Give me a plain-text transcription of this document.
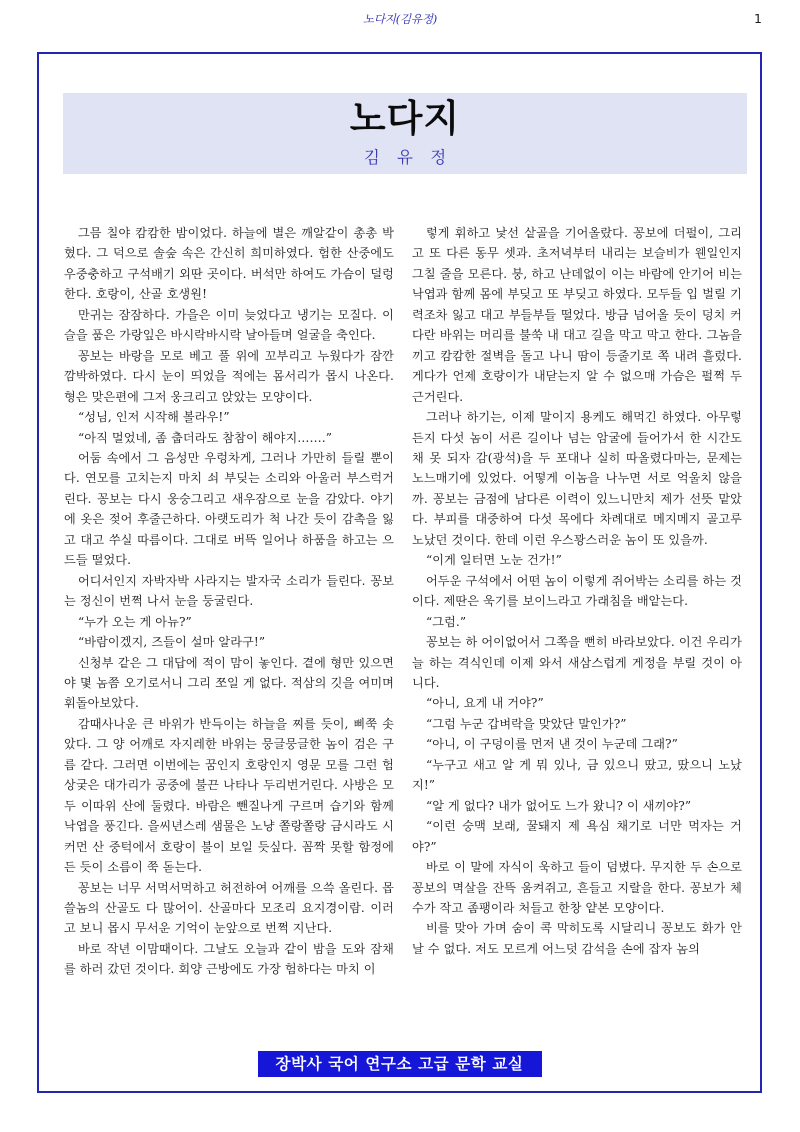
노다지(김유정)	1
노다지
김 유 정

그믐 칠야 캄캄한 밤이었다. 하늘에 별은 깨알같이 총총 박혔다. 그 덕으로 솔숲 속은 간신히 희미하였다. 험한 산중에도 우중충하고 구석배기 외딴 곳이다. 버석만 하여도 가슴이 덜렁한다. 호랑이, 산골 호생원!

만귀는 잠잠하다. 가을은 이미 늦었다고 냉기는 모질다. 이슬을 품은 가랑잎은 바시락바시락 날아들며 얼굴을 축인다.

꽁보는 바랑을 모로 베고 풀 위에 꼬부리고 누웠다가 잠깐 깜박하였다. 다시 눈이 띄었을 적에는 몸서리가 몹시 나온다. 형은 맞은편에 그저 웅크리고 앉았는 모양이다.

“성님, 인저 시작해 볼라우!”

“아직 멀었네, 좀 춥더라도 참참이 해야지…….”

어둠 속에서 그 음성만 우렁차게, 그러나 가만히 들릴 뿐이다. 연모를 고치는지 마치 쇠 부딪는 소리와 아울러 부스럭거린다. 꽁보는 다시 웅숭그리고 새우잠으로 눈을 감았다. 야기에 옷은 젖어 후줄근하다. 아랫도리가 척 나간 듯이 감촉을 잃고 대고 쑤실 따름이다. 그대로 버뜩 일어나 하품을 하고는 으드들 떨었다.

어디서인지 자박자박 사라지는 발자국 소리가 들린다. 꽁보는 정신이 번쩍 나서 눈을 둥굴린다.

“누가 오는 게 아뉴?”

“바람이겠지, 즈들이 설마 알라구!”

신청부 같은 그 대답에 적이 맘이 놓인다. 곁에 형만 있으면야 몇 놈쯤 오기로서니 그리 쪼일 게 없다. 적삼의 깃을 여미며 휘돌아보았다.

감때사나운 큰 바위가 반득이는 하늘을 찌를 듯이, 삐쭉 솟았다. 그 양 어깨로 자지레한 바위는 뭉글뭉글한 놈이 검은 구름 같다. 그러면 이번에는 꿈인지 호랑인지 영문 모를 그런 험상궂은 대가리가 공중에 불끈 나타나 두리번거린다. 사방은 모두 이따위 산에 둘렸다. 바람은 뺀질나게 구르며 습기와 함께 낙엽을 풍긴다. 을씨년스레 샘물은 노냥 쫄랑쫄랑 금시라도 시커먼 산 중턱에서 호랑이 불이 보일 듯싶다. 꼼짝 못할 함정에 든 듯이 소름이 쭉 돋는다.

꽁보는 너무 서먹서먹하고 허전하여 어깨를 으쓱 올린다. 몹쓸놈의 산골도 다 많어이. 산골마다 모조리 요지경이람. 이러고 보니 몹시 무서운 기억이 눈앞으로 번쩍 지난다.

바로 작년 이맘때이다. 그날도 오늘과 같이 밤을 도와 잠채를 하러 갔던 것이다. 회양 근방에도 가장 험하다는 마치 이

렇게 휘하고 낯선 샅골을 기어올랐다. 꽁보에 더펄이, 그리고 또 다른 동무 셋과. 초저녁부터 내리는 보슬비가 웬일인지 그칠 줄을 모른다. 붕, 하고 난데없이 이는 바람에 안기어 비는 낙엽과 함께 몸에 부딪고 또 부딪고 하였다. 모두들 입 벌릴 기력조차 잃고 대고 부들부들 떨었다. 방금 넘어올 듯이 덩치 커다란 바위는 머리를 불쑥 내 대고 길을 막고 막고 한다. 그놈을 끼고 캄캄한 절벽을 돌고 나니 땀이 등줄기로 쪽 내려 흘렀다. 게다가 언제 호랑이가 내닫는지 알 수 없으매 가슴은 펄쩍 두근거린다.

그러나 하기는, 이제 말이지 용케도 해먹긴 하였다. 아무렇든지 다섯 놈이 서른 길이나 넘는 암굴에 들어가서 한 시간도 채 못 되자 감(광석)을 두 포대나 실히 따올렸다마는, 문제는 노느매기에 있었다. 어떻게 이놈을 나누면 서로 억울치 않을까. 꽁보는 금점에 남다른 이력이 있느니만치 제가 선뜻 맡았다. 부피를 대중하여 다섯 목에다 차례대로 메지메지 골고루 노났던 것이다. 한데 이런 우스꽝스러운 놈이 또 있을까.

“이게 일터면 노눈 건가!”

어두운 구석에서 어떤 놈이 이렇게 쥐어박는 소리를 하는 것이다. 제딴은 욱기를 보이느라고 가래침을 배앝는다.

“그럼.”

꽁보는 하 어이없어서 그쪽을 뻔히 바라보았다. 이건 우리가 늘 하는 격식인데 이제 와서 새삼스럽게 게정을 부릴 것이 아니다.

“아니, 요게 내 거야?”

“그럼 누군 갑벼락을 맞았단 말인가?”

“아니, 이 구덩이를 먼저 낸 것이 누군데 그래?”

“누구고 새고 알 게 뭐 있나, 금 있으니 땄고, 땄으니 노났지!”

“알 게 없다? 내가 없어도 느가 왔니? 이 새끼야?”

“이런 숭맥 보래, 꿀돼지 제 욕심 채기로 너만 먹자는 거야?”

바로 이 말에 자식이 욱하고 들이 덤볐다. 무지한 두 손으로 꽁보의 멱살을 잔뜩 움켜쥐고, 흔들고 지랄을 한다. 꽁보가 체수가 작고 좀팽이라 처들고 한창 얕본 모양이다.

비를 맞아 가며 숨이 콕 막히도록 시달리니 꽁보도 화가 안 날 수 없다. 저도 모르게 어느덧 감석을 손에 잡자 놈의

장박사 국어 연구소 고급 문학 교실
